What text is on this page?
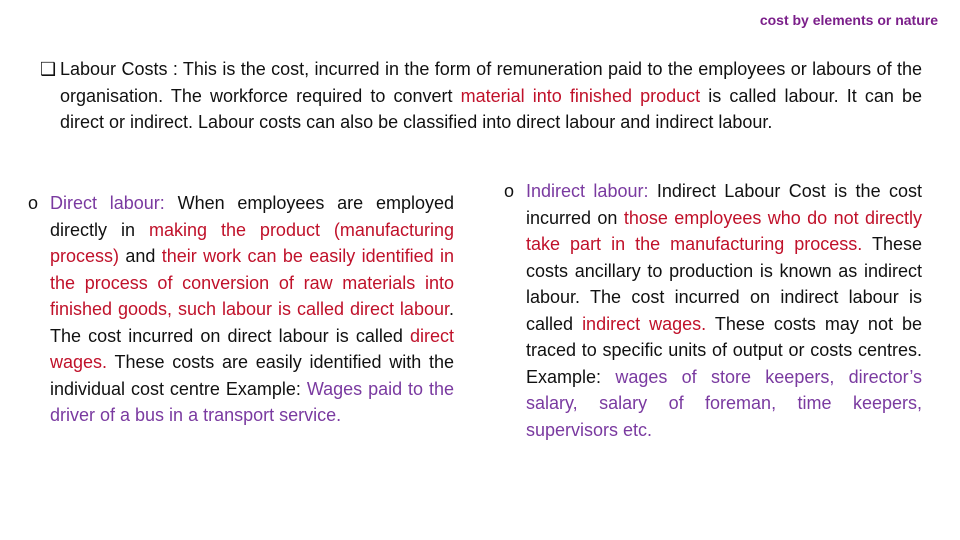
cost by elements or nature
❑ Labour Costs : This is the cost, incurred in the form of remuneration paid to the employees or labours of the organisation. The workforce required to convert material into finished product is called labour. It can be direct or indirect. Labour costs can also be classified into direct labour and indirect labour.
o Direct labour: When employees are employed directly in making the product (manufacturing process) and their work can be easily identified in the process of conversion of raw materials into finished goods, such labour is called direct labour. The cost incurred on direct labour is called direct wages. These costs are easily identified with the individual cost centre Example: Wages paid to the driver of a bus in a transport service.
o Indirect labour: Indirect Labour Cost is the cost incurred on those employees who do not directly take part in the manufacturing process. These costs ancillary to production is known as indirect labour. The cost incurred on indirect labour is called indirect wages. These costs may not be traced to specific units of output or costs centres. Example: wages of store keepers, director’s salary, salary of foreman, time keepers, supervisors etc.
